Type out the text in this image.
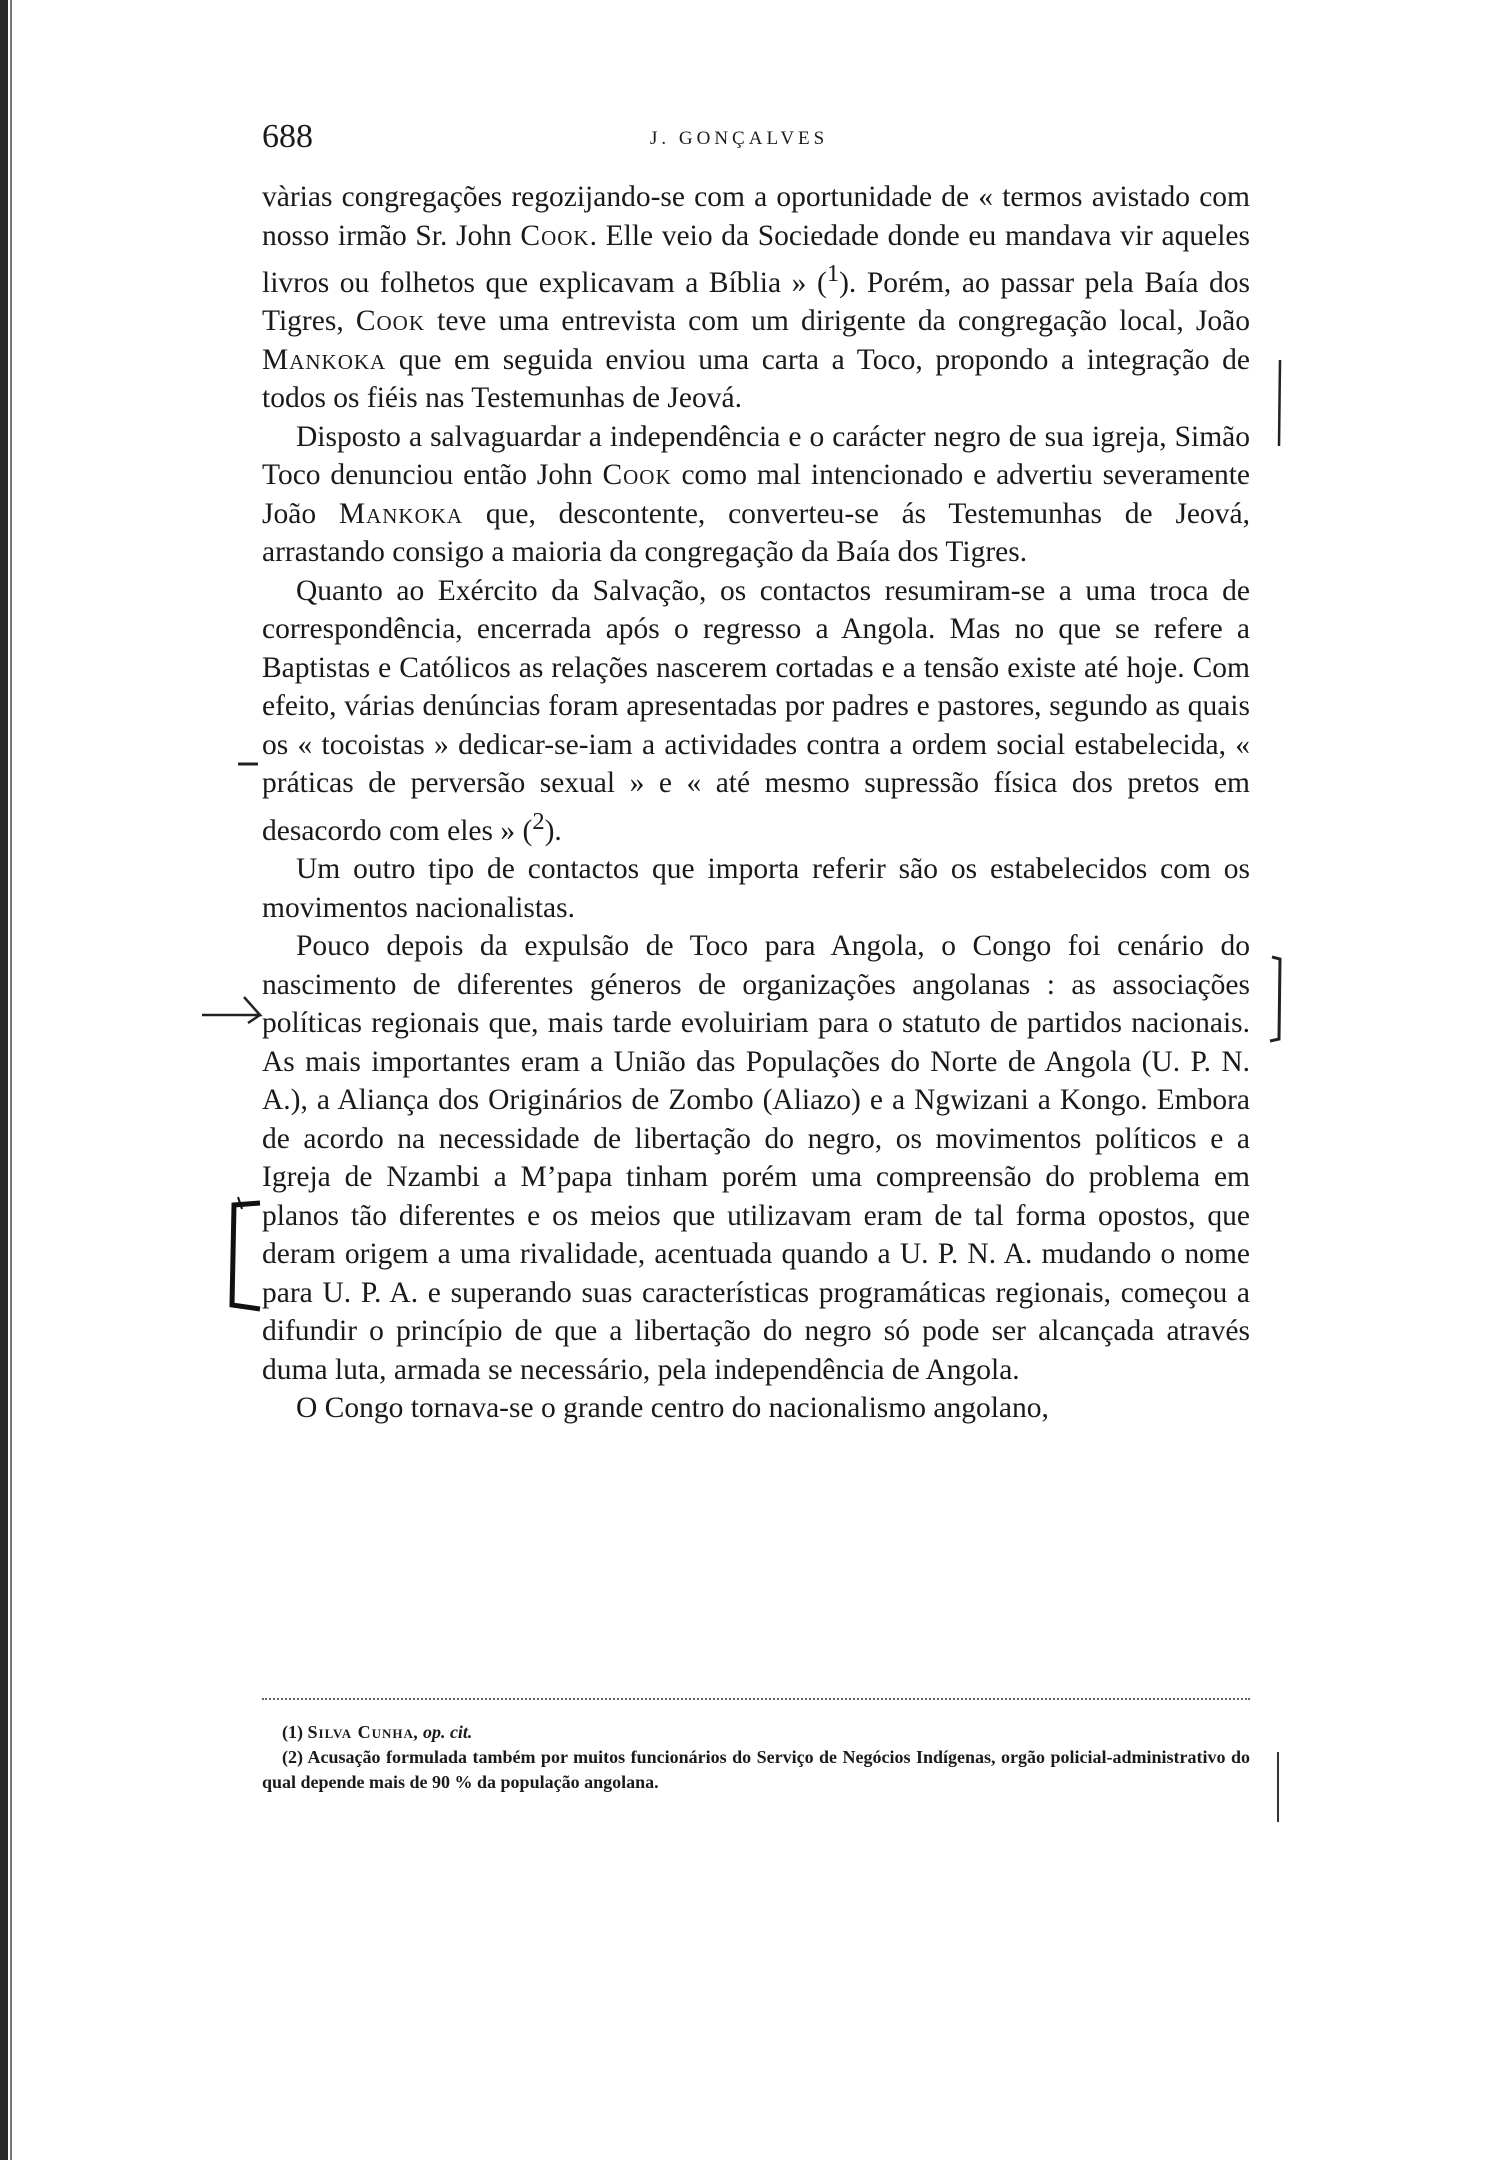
688	J. GONÇALVES

vàrias congregações regozijando-se com a oportunidade de « termos avistado com nosso irmão Sr. John Cook. Elle veio da Sociedade donde eu mandava vir aqueles livros ou folhetos que explicavam a Bíblia » ($^1$). Porém, ao passar pela Baía dos Tigres, Cook teve uma entrevista com um dirigente da congregação local, João Mankoka que em seguida enviou uma carta a Toco, propondo a integração de todos os fiéis nas Testemunhas de Jeová.

Disposto a salvaguardar a independência e o carácter negro de sua igreja, Simão Toco denunciou então John Cook como mal intencionado e advertiu severamente João Mankoka que, descontente, converteu-se ás Testemunhas de Jeová, arrastando consigo a maioria da congregação da Baía dos Tigres.

Quanto ao Exército da Salvação, os contactos resumiram-se a uma troca de correspondência, encerrada após o regresso a Angola. Mas no que se refere a Baptistas e Católicos as relações nascerem cortadas e a tensão existe até hoje. Com efeito, várias denúncias foram apresentadas por padres e pastores, segundo as quais os « tocoistas » dedicar-se-iam a actividades contra a ordem social estabelecida, « práticas de perversão sexual » e « até mesmo supressão física dos pretos em desacordo com eles » ($^2$).

Um outro tipo de contactos que importa referir são os estabelecidos com os movimentos nacionalistas.

Pouco depois da expulsão de Toco para Angola, o Congo foi cenário do nascimento de diferentes géneros de organizações angolanas : as associações políticas regionais que, mais tarde evoluiriam para o statuto de partidos nacionais. As mais importantes eram a União das Populações do Norte de Angola (U. P. N. A.), a Aliança dos Originários de Zombo (Aliazo) e a Ngwizani a Kongo. Embora de acordo na necessidade de libertação do negro, os movimentos políticos e a Igreja de Nzambi a M’papa tinham porém uma compreensão do problema em planos tão diferentes e os meios que utilizavam eram de tal forma opostos, que deram origem a uma rivalidade, acentuada quando a U. P. N. A. mudando o nome para U. P. A. e superando suas características programáticas regionais, começou a difundir o princípio de que a libertação do negro só pode ser alcançada através duma luta, armada se necessário, pela independência de Angola.

O Congo tornava-se o grande centro do nacionalismo angolano,

(1) Silva Cunha, op. cit.

(2) Acusação formulada também por muitos funcionários do Serviço de Negócios Indígenas, orgão policial-administrativo do qual depende mais de 90 % da população angolana.
